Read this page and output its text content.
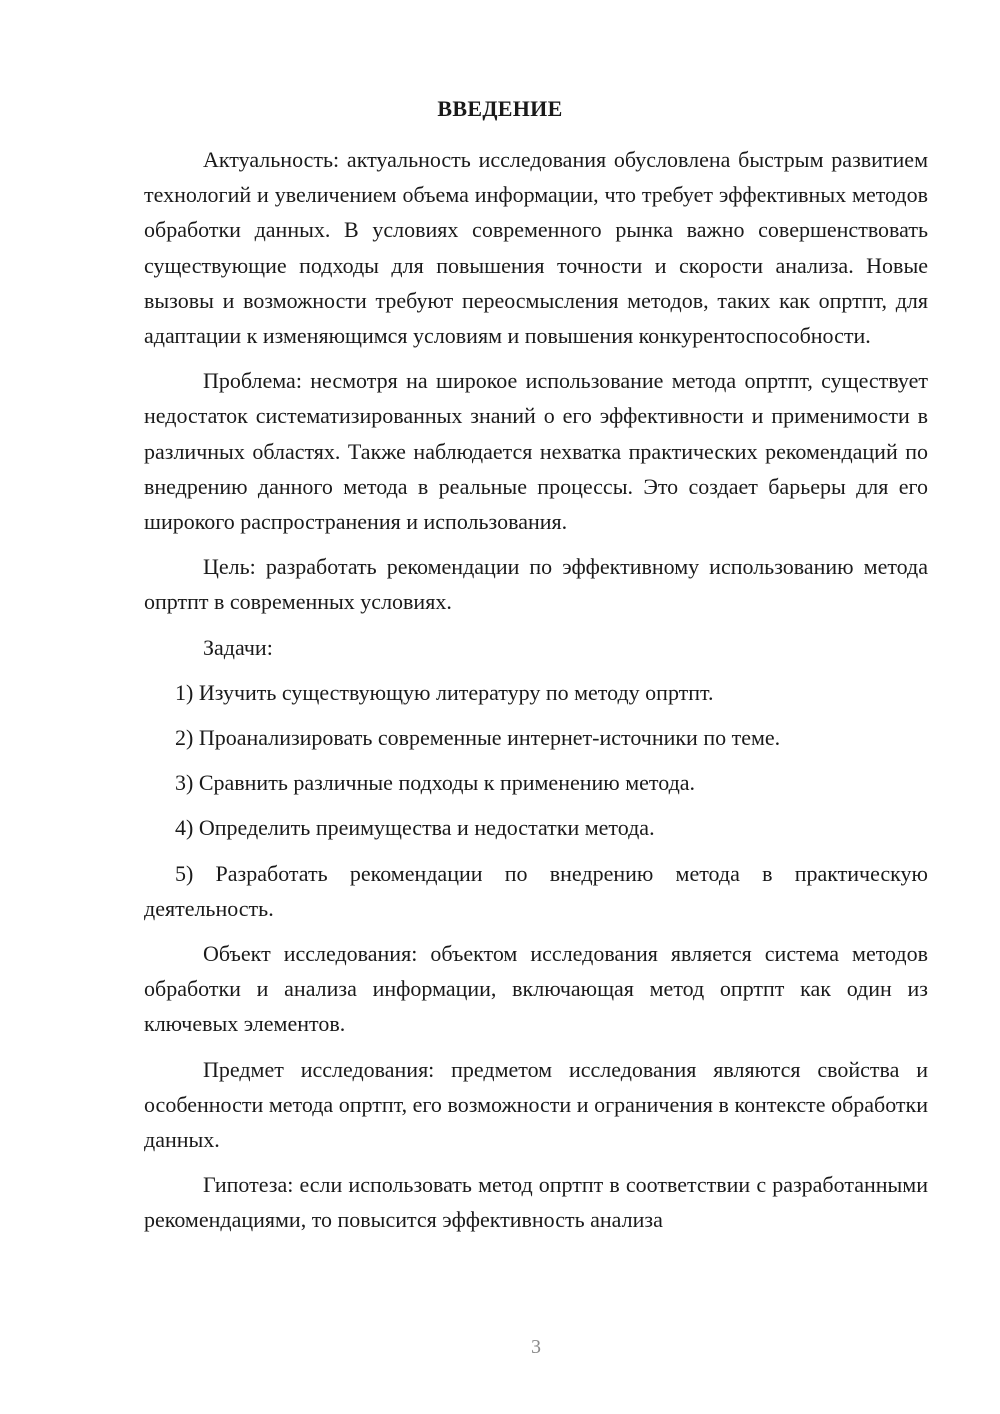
ВВЕДЕНИЕ

Актуальность: актуальность исследования обусловлена быстрым развитием технологий и увеличением объема информации, что требует эффективных методов обработки данных. В условиях современного рынка важно совершенствовать существующие подходы для повышения точности и скорости анализа. Новые вызовы и возможности требуют переосмысления методов, таких как опртпт, для адаптации к изменяющимся условиям и повышения конкурентоспособности.

Проблема: несмотря на широкое использование метода опртпт, существует недостаток систематизированных знаний о его эффективности и применимости в различных областях. Также наблюдается нехватка практических рекомендаций по внедрению данного метода в реальные процессы. Это создает барьеры для его широкого распространения и использования.

Цель: разработать рекомендации по эффективному использованию метода опртпт в современных условиях.

Задачи:

1) Изучить существующую литературу по методу опртпт.

2) Проанализировать современные интернет-источники по теме.

3) Сравнить различные подходы к применению метода.

4) Определить преимущества и недостатки метода.

5) Разработать рекомендации по внедрению метода в практическую деятельность.

Объект исследования: объектом исследования является система методов обработки и анализа информации, включающая метод опртпт как один из ключевых элементов.

Предмет исследования: предметом исследования являются свойства и особенности метода опртпт, его возможности и ограничения в контексте обработки данных.

Гипотеза: если использовать метод опртпт в соответствии с разработанными рекомендациями, то повысится эффективность анализа

3
